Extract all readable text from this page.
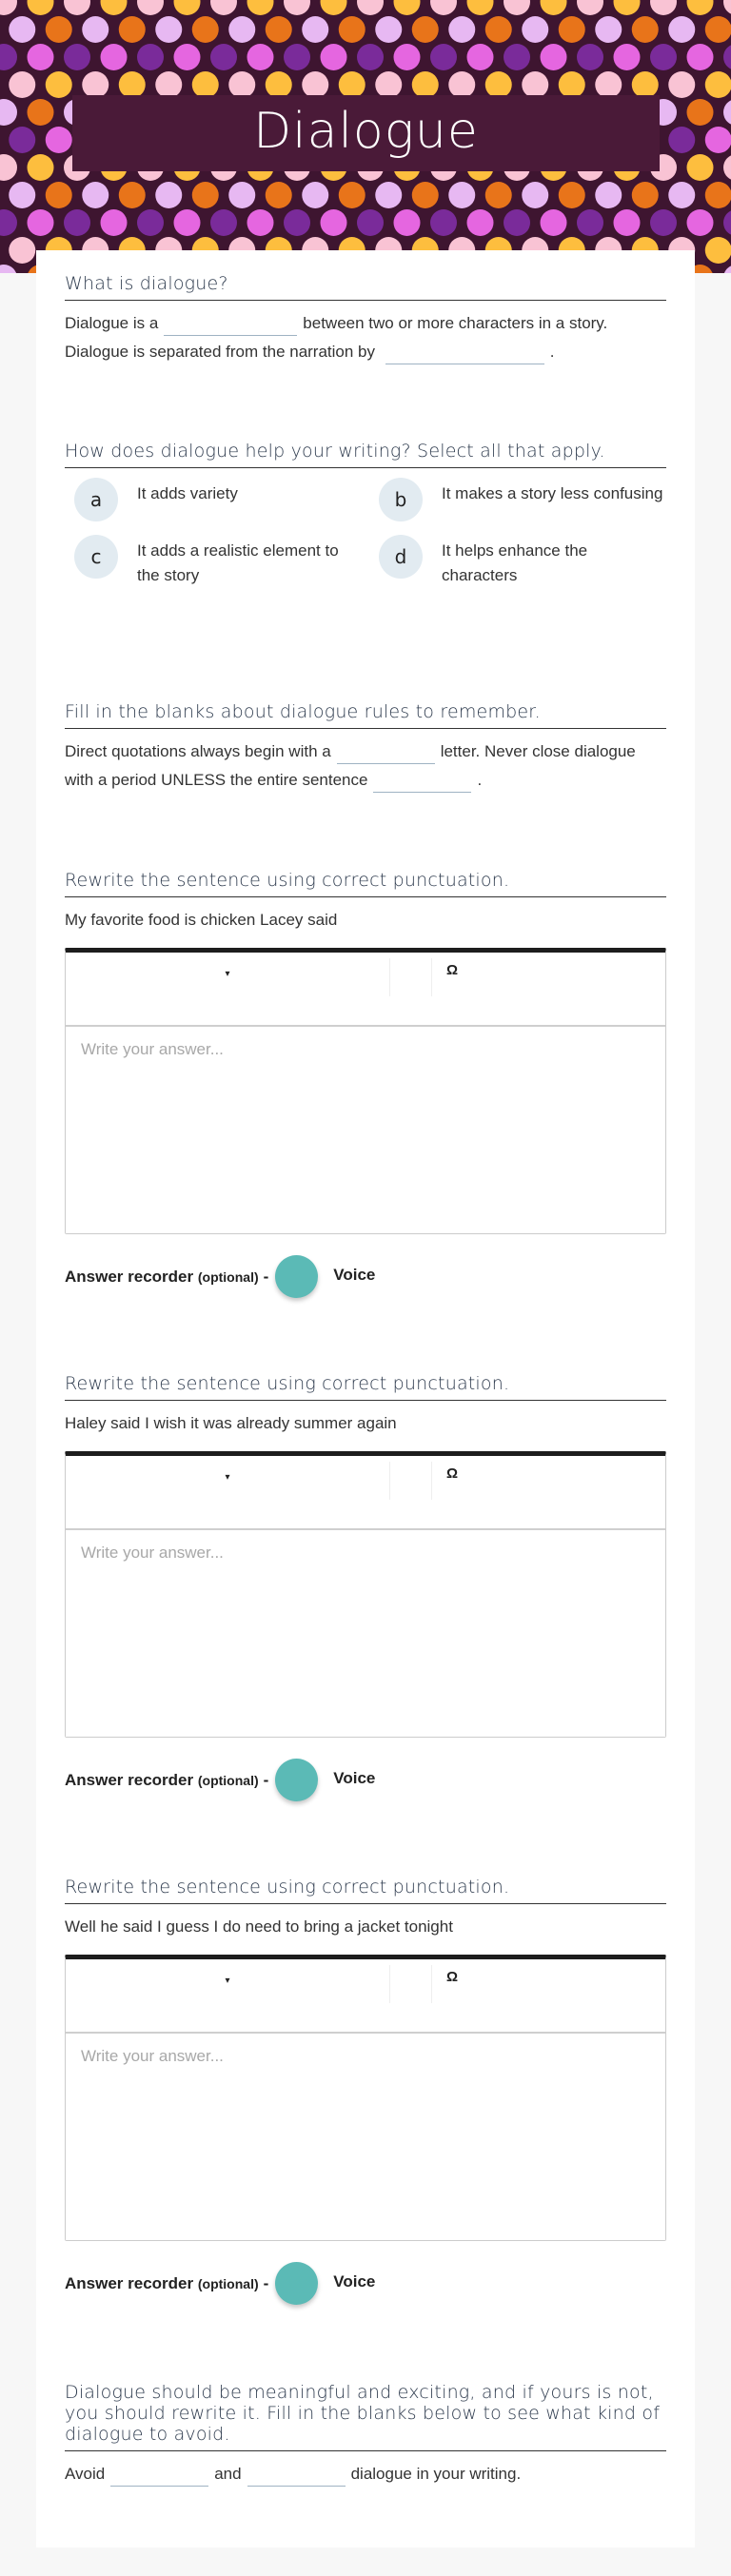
Dialogue
What is dialogue?
Dialogue is a	between two or more characters in a story. Dialogue is separated from the narration by	.
How does dialogue help your writing? Select all that apply.
a	It adds variety	b	It makes a story less confusing
c	It adds a realistic element to the story
d	It helps enhance the characters
Fill in the blanks about dialogue rules to remember.
Direct quotations always begin with a	letter. Never close dialogue with a period UNLESS the entire sentence	.
Rewrite the sentence using correct punctuation.
My favorite food is chicken Lacey said
▾	Ω
Write your answer...
Answer recorder (optional) -	Voice
Rewrite the sentence using correct punctuation.
Haley said I wish it was already summer again
▾	Ω
Write your answer...
Answer recorder (optional) -	Voice
Rewrite the sentence using correct punctuation.
Well he said I guess I do need to bring a jacket tonight
▾	Ω
Write your answer...
Answer recorder (optional) -	Voice
Dialogue should be meaningful and exciting, and if yours is not, you should rewrite it. Fill in the blanks below to see what kind of dialogue to avoid.
Avoid	and	dialogue in your writing.
